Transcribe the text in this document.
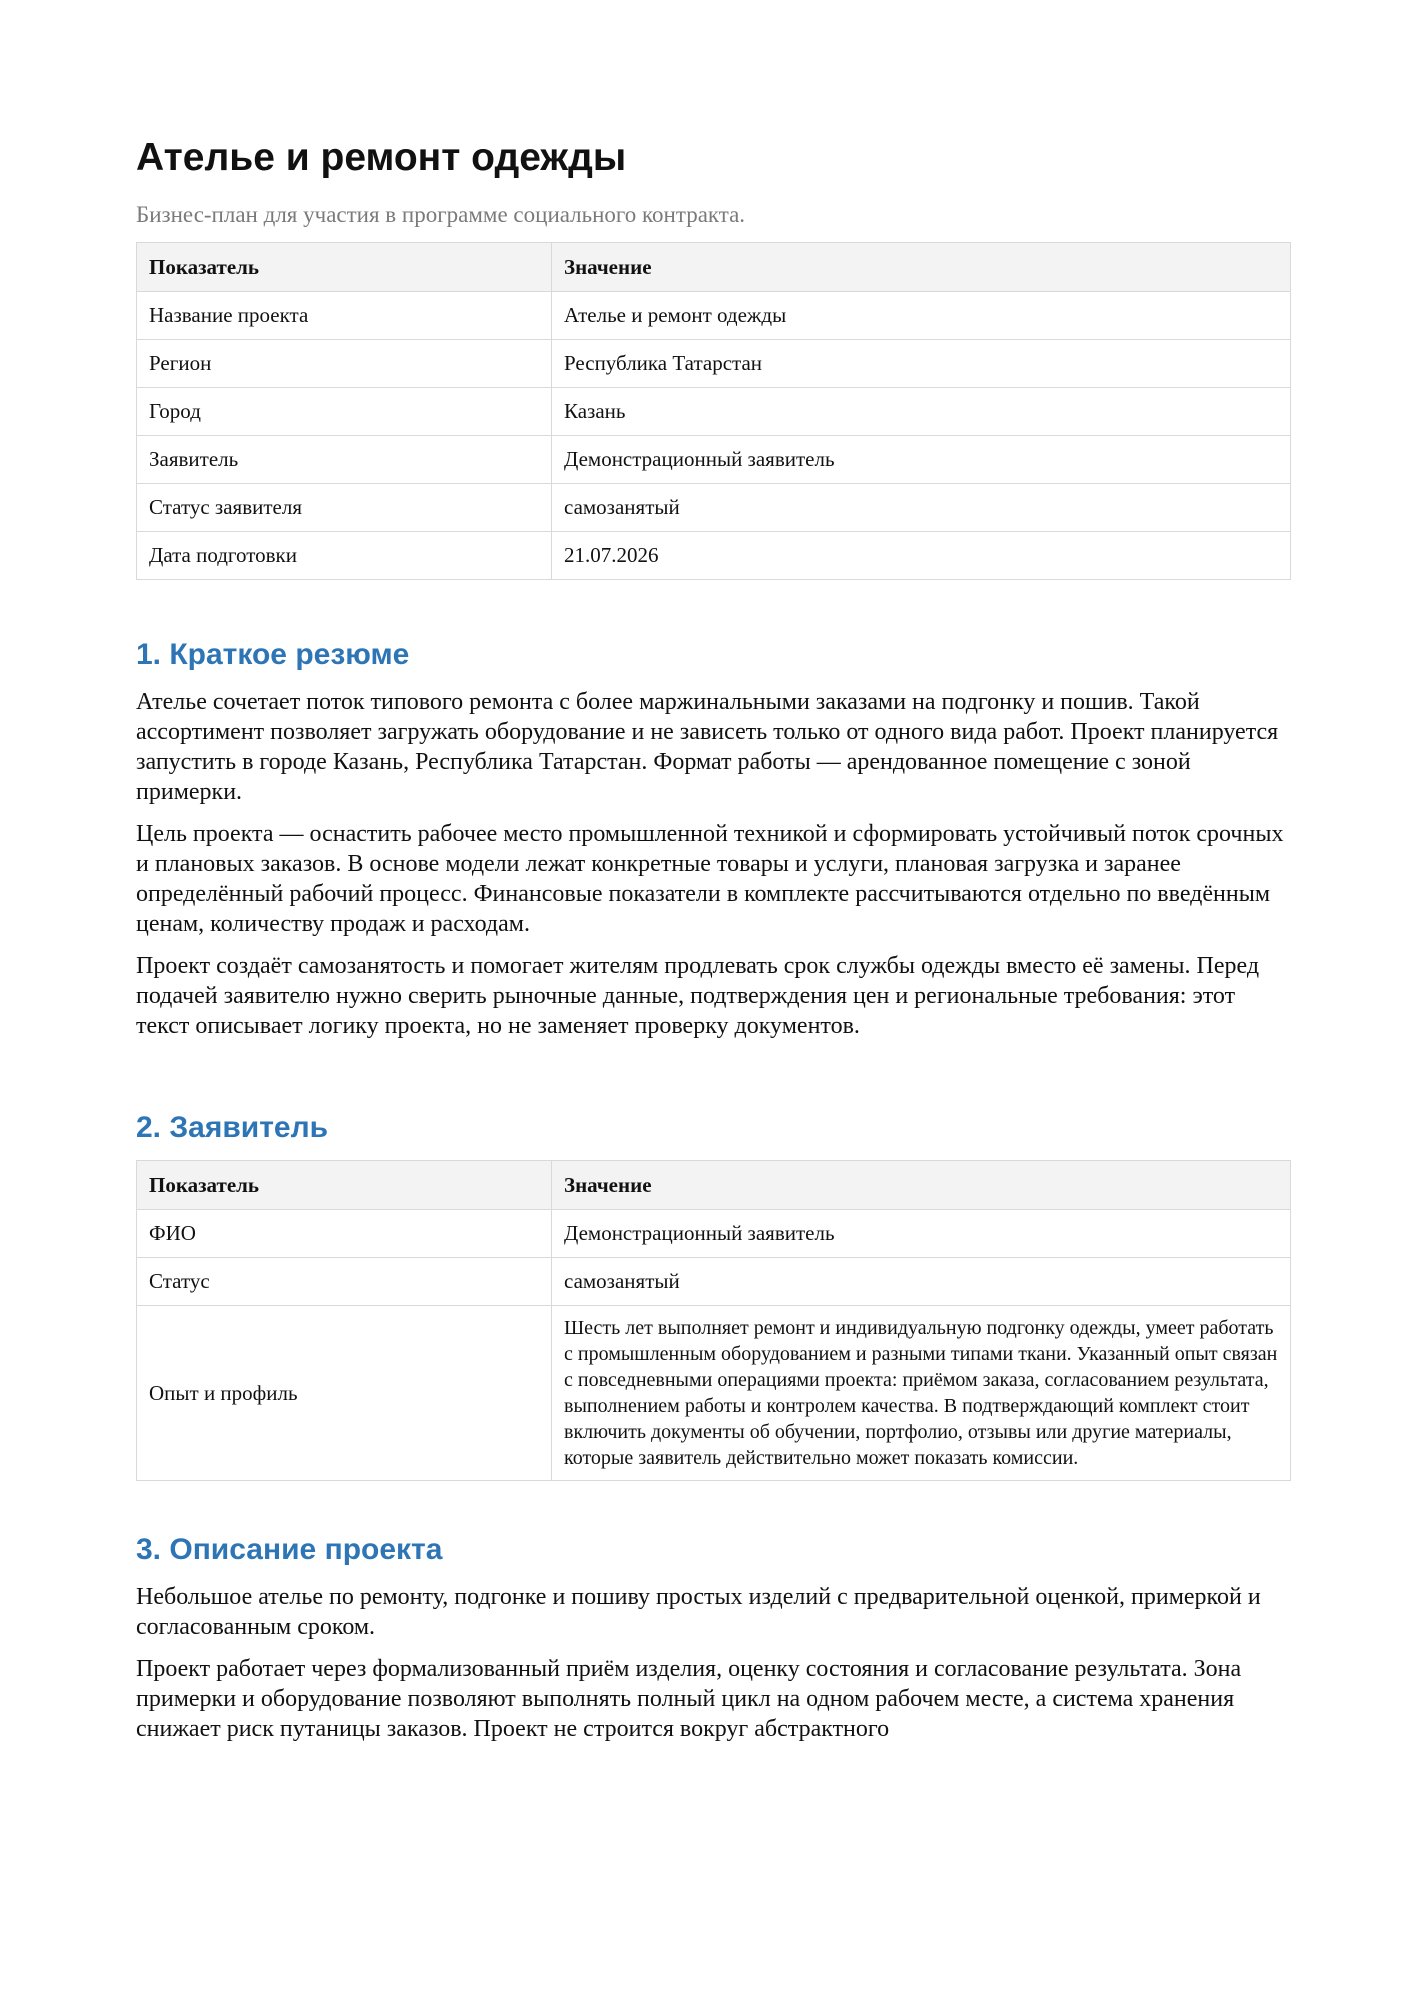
Ателье и ремонт одежды

Бизнес-план для участия в программе социального контракта.

Показатель	Значение
Название проекта	Ателье и ремонт одежды
Регион	Республика Татарстан
Город	Казань
Заявитель	Демонстрационный заявитель
Статус заявителя	самозанятый
Дата подготовки	21.07.2026
1. Краткое резюме

Ателье сочетает поток типового ремонта с более маржинальными заказами на подгонку и пошив. Такой ассортимент позволяет загружать оборудование и не зависеть только от одного вида работ. Проект планируется запустить в городе Казань, Республика Татарстан. Формат работы — арендованное помещение с зоной примерки.

Цель проекта — оснастить рабочее место промышленной техникой и сформировать устойчивый поток срочных и плановых заказов. В основе модели лежат конкретные товары и услуги, плановая загрузка и заранее определённый рабочий процесс. Финансовые показатели в комплекте рассчитываются отдельно по введённым ценам, количеству продаж и расходам.

Проект создаёт самозанятость и помогает жителям продлевать срок службы одежды вместо её замены. Перед подачей заявителю нужно сверить рыночные данные, подтверждения цен и региональные требования: этот текст описывает логику проекта, но не заменяет проверку документов.

2. Заявитель
Показатель	Значение
ФИО	Демонстрационный заявитель
Статус	самозанятый
Опыт и профиль	Шесть лет выполняет ремонт и индивидуальную подгонку одежды, умеет работать с промышленным оборудованием и разными типами ткани. Указанный опыт связан с повседневными операциями проекта: приёмом заказа, согласованием результата, выполнением работы и контролем качества. В подтверждающий комплект стоит включить документы об обучении, портфолио, отзывы или другие материалы, которые заявитель действительно может показать комиссии.
3. Описание проекта

Небольшое ателье по ремонту, подгонке и пошиву простых изделий с предварительной оценкой, примеркой и согласованным сроком.

Проект работает через формализованный приём изделия, оценку состояния и согласование результата. Зона примерки и оборудование позволяют выполнять полный цикл на одном рабочем месте, а система хранения снижает риск путаницы заказов. Проект не строится вокруг абстрактного
